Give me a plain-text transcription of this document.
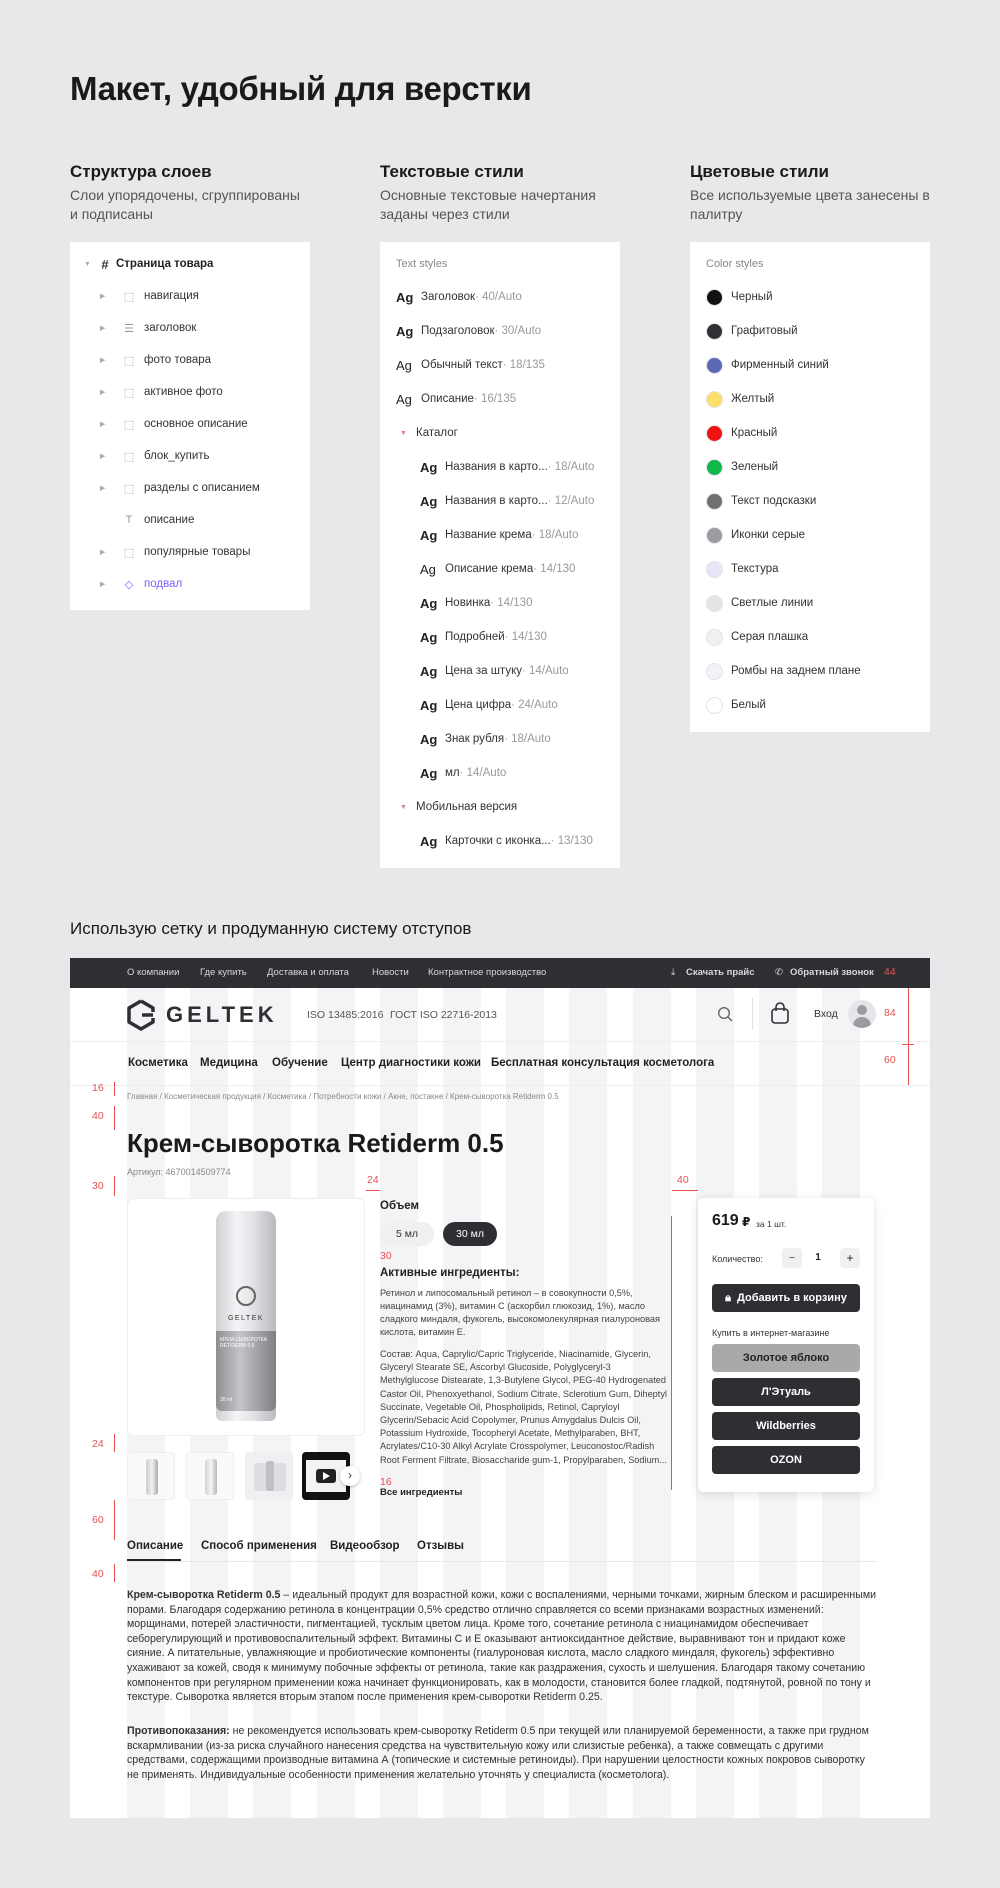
Макет, удобный для верстки
Структура слоев
Слои упорядочены, сгруппированы и подписаны
Текстовые стили
Основные текстовые начертания заданы через стили
Цветовые стили
Все используемые цвета занесены в палитру
▼ # Страница товара
▶	⬚ навигация
▶	☰ заголовок
▶	⬚ фото товара
▶	⬚ активное фото
▶	⬚ основное описание
▶	⬚ блок_купить
▶	⬚ разделы с описанием
T	описание
▶	⬚ популярные товары
▶	◇ подвал
Text styles
Ag Заголовок · 40/Auto
Ag Подзаголовок · 30/Auto
Ag Обычный текст · 18/135
Ag Описание · 16/135
▼ Каталог
Ag Названия в карто... · 18/Auto
Ag Названия в карто... · 12/Auto
Ag Название крема · 18/Auto
Ag Описание крема · 14/130
Ag Новинка · 14/130
Ag Подробней · 14/130
Ag Цена за штуку · 14/Auto
Ag Цена цифра · 24/Auto
Ag Знак рубля · 18/Auto
Ag мл · 14/Auto
▼ Мобильная версия
Ag Карточки с иконка... · 13/130
Color styles
Черный
Графитовый
Фирменный синий
Желтый
Красный
Зеленый
Текст подсказки
Иконки серые
Текстура
Светлые линии
Серая плашка
Ромбы на заднем плане
Белый
Использую сетку и продуманную систему отступов
О компании Где купить Доставка и оплата Новости Контрактное производство	⤓ Скачать прайс ✆ Обратный звонок 44
GELTEK	ISO 13485:2016 ГОСТ ISO 22716-2013	Вход	84
Косметика Медицина Обучение Центр диагностики кожи Бесплатная консультация косметолога	60
16
40
30
24
60
40
Главная / Косметическая продукция / Косметика / Потребности кожи / Акне, постакне / Крем-сыворотка Retiderm 0.5
Крем-сыворотка Retiderm 0.5
Артикул: 4670014509774
GELTEK
КРЕМ-СЫВОРОТКА RETIDERM 0.5
30 ml
›
24	40
Объем
5 мл	30 мл
30
Активные ингредиенты:
Ретинол и липосомальный ретинол – в совокупности 0,5%, ниацинамид (3%), витамин С (аскорбил глюкозид, 1%), масло сладкого миндаля, фукогель, высокомолекулярная гиалуроновая кислота, витамин Е.
Состав: Aqua, Caprylic/Capric Triglyceride, Niacinamide, Glycerin, Glyceryl Stearate SE, Ascorbyl Glucoside, Polyglyceryl-3 Methylglucose Distearate, 1,3-Butylene Glycol, PEG-40 Hydrogenated Castor Oil, Phenoxyethanol, Sodium Citrate, Sclerotium Gum, Diheptyl Succinate, Vegetable Oil, Phospholipids, Retinol, Capryloyl Glycerin/Sebacic Acid Copolymer, Prunus Amygdalus Dulcis Oil, Potassium Hydroxide, Tocopheryl Acetate, Methylparaben, BHT, Acrylates/C10-30 Alkyl Acrylate Crosspolymer, Leuconostoc/Radish Root Ferment Filtrate, Biosaccharide gum-1, Propylparaben, Sodium...
16
Все ингредиенты
619 ₽ за 1 шт.
Количество:	−	1	+
🔒︎ Добавить в корзину
Купить в интернет-магазине
Золотое яблоко
Л'Этуаль
Wildberries
OZON
Описание Способ применения Видеообзор Отзывы
Крем-сыворотка Retiderm 0.5 – идеальный продукт для возрастной кожи, кожи с воспалениями, черными точками, жирным блеском и расширенными порами. Благодаря содержанию ретинола в концентрации 0,5% средство отлично справляется со всеми признаками возрастных изменений: морщинами, потерей эластичности, пигментацией, тусклым цветом лица. Кроме того, сочетание ретинола с ниацинамидом обеспечивает себорегулирующий и противовоспалительный эффект. Витамины С и Е оказывают антиоксидантное действие, выравнивают тон и придают коже сияние. А питательные, увлажняющие и пробиотические компоненты (гиалуроновая кислота, масло сладкого миндаля, фукогель) эффективно ухаживают за кожей, сводя к минимуму побочные эффекты от ретинола, такие как раздражения, сухость и шелушения. Благодаря такому сочетанию компонентов при регулярном применении кожа начинает функционировать, как в молодости, становится более гладкой, подтянутой, ровной по тону и текстуре. Сыворотка является вторым этапом после применения крем-сыворотки Retiderm 0.25.
Противопоказания: не рекомендуется использовать крем-сыворотку Retiderm 0.5 при текущей или планируемой беременности, а также при грудном вскармливании (из-за риска случайного нанесения средства на чувствительную кожу или слизистые ребенка), а также совмещать с другими средствами, содержащими производные витамина А (топические и системные ретиноиды). При нарушении целостности кожных покровов сыворотку не применять. Индивидуальные особенности применения желательно уточнять у специалиста (косметолога).
